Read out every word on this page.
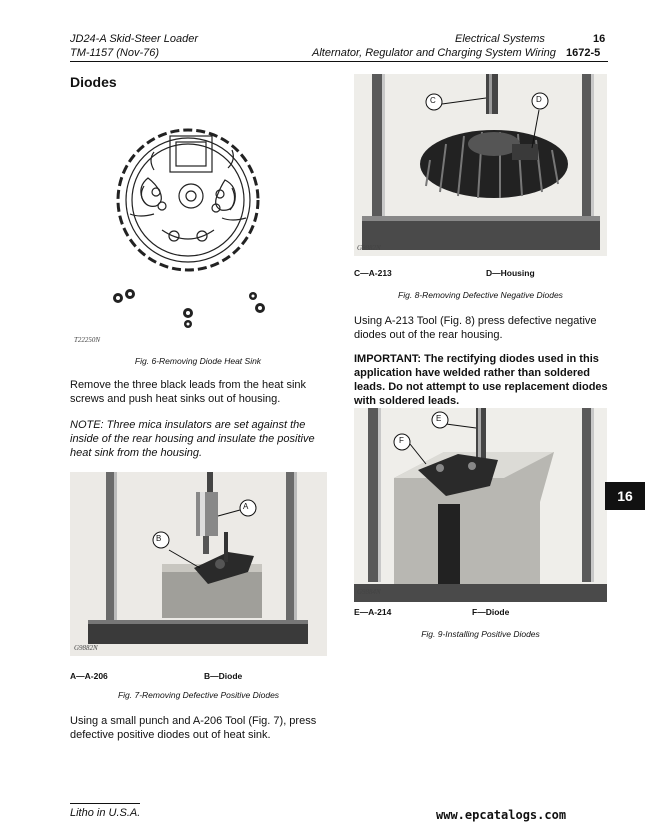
JD24-A Skid-Steer Loader
TM-1157 (Nov-76)
Electrical Systems	16
Alternator, Regulator and Charging System Wiring 1672-5
Diodes
T22250N
Fig. 6-Removing Diode Heat Sink
Remove the three black leads from the heat sink screws and push heat sinks out of housing.
NOTE: Three mica insulators are set against the inside of the rear housing and insulate the positive heat sink from the housing.
A
B
G9882N
A—A-206	B—Diode
Fig. 7-Removing Defective Positive Diodes
Using a small punch and A-206 Tool (Fig. 7), press defective positive diodes out of heat sink.
C	D
G9882N
C—A-213	D—Housing
Fig. 8-Removing Defective Negative Diodes
Using A-213 Tool (Fig. 8) press defective negative diodes out of the rear housing.
IMPORTANT: The rectifying diodes used in this application have welded rather than soldered leads. Do not attempt to use replacement diodes with soldered leads.
E
F
G9884N
E—A-214	F—Diode
Fig. 9-Installing Positive Diodes
16
Litho in U.S.A.	www.epcatalogs.com
